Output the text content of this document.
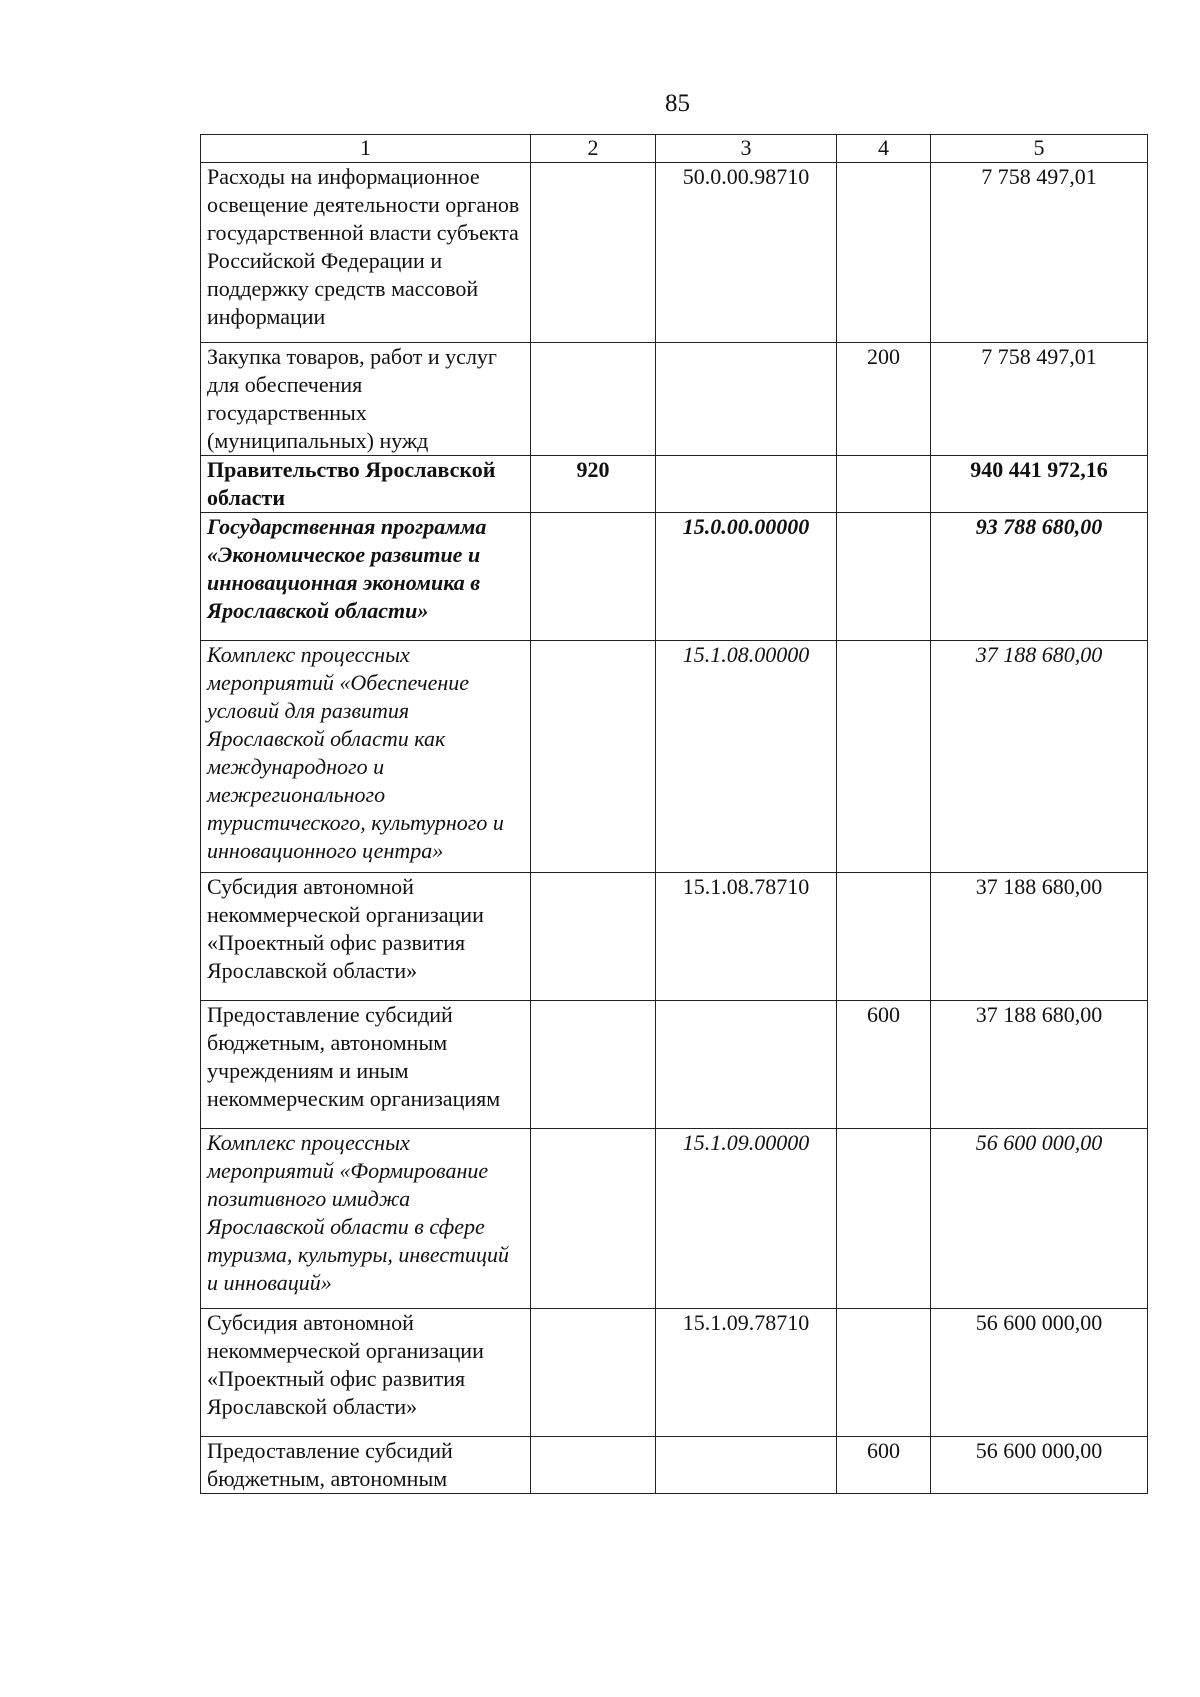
85
1	2	3	4	5
Расходы на информационное освещение деятельности органов государственной власти субъекта Российской Федерации и поддержку средств массовой информации		50.0.00.98710		7 758 497,01
Закупка товаров, работ и услуг для обеспечения государственных (муниципальных) нужд			200	7 758 497,01
Правительство Ярославской области	920			940 441 972,16
Государственная программа «Экономическое развитие и инновационная экономика в Ярославской области»		15.0.00.00000		93 788 680,00
Комплекс процессных мероприятий «Обеспечение условий для развития Ярославской области как международного и межрегионального туристического, культурного и инновационного центра»		15.1.08.00000		37 188 680,00
Субсидия автономной некоммерческой организации «Проектный офис развития Ярославской области»		15.1.08.78710		37 188 680,00
Предоставление субсидий бюджетным, автономным учреждениям и иным некоммерческим организациям			600	37 188 680,00
Комплекс процессных мероприятий «Формирование позитивного имиджа Ярославской области в сфере туризма, культуры, инвестиций и инноваций»		15.1.09.00000		56 600 000,00
Субсидия автономной некоммерческой организации «Проектный офис развития Ярославской области»		15.1.09.78710		56 600 000,00
Предоставление субсидий бюджетным, автономным			600	56 600 000,00
